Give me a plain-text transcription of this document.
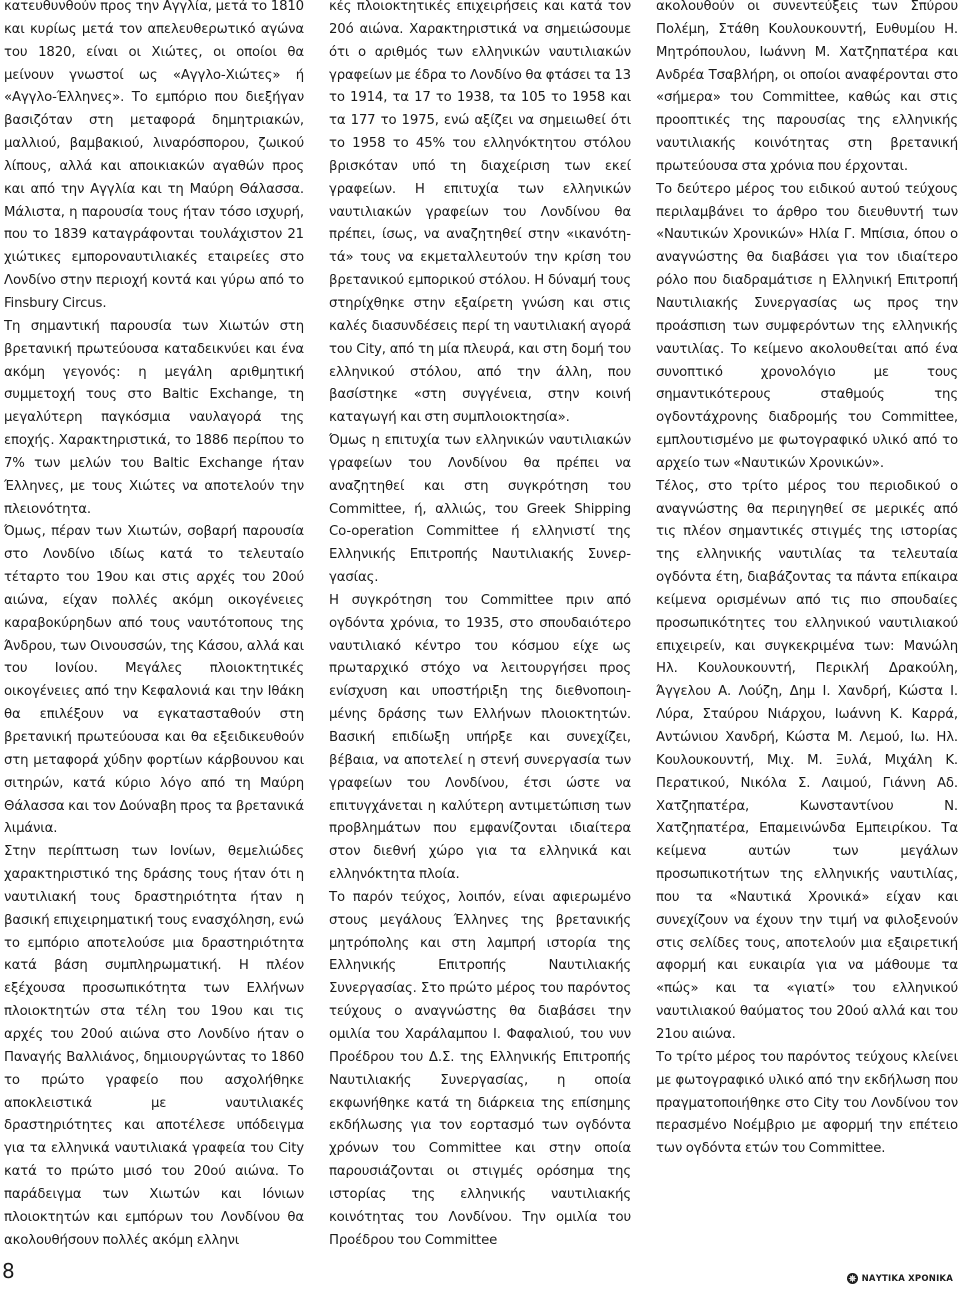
κατευθυνθούν προς την Αγγλία, μετά το 1810 και κυρίως μετά τον απελευθερωτικό αγώνα του 1820, είναι οι Χιώτες, οι οποίοι θα μείνουν γνωστοί ως «Αγγλο-Χιώτες» ή «Αγγλο-Έλληνες». Το εμπόριο που διεξήγαν βασιζόταν στη μεταφορά δημητριακών, μαλλιού, βαμβακιού, λιναρόσπορου, ζωικού λίπους, αλλά και αποικιακών αγαθών προς και από την Αγγλία και τη Μαύρη Θάλασσα. Μάλιστα, η παρουσία τους ήταν τόσο ισχυρή, που το 1839 καταγράφονται τουλάχιστον 21 χιώτικες εμποροναυτιλιακές εταιρείες στο Λονδίνο στην περιοχή κοντά και γύρω από το Finsbury Circus.

Τη σημαντική παρουσία των Χιωτών στη βρετανική πρωτεύουσα καταδεικνύει και ένα ακόμη γεγονός: η μεγάλη αριθμητική συμμετοχή τους στο Baltic Exchange, τη μεγαλύτερη παγκόσμια ναυλαγορά της εποχής. Χαρακτηριστικά, το 1886 περίπου το 7% των μελών του Baltic Exchange ήταν Έλληνες, με τους Χιώτες να αποτελούν την πλειονότητα.

Όμως, πέραν των Χιωτών, σοβαρή παρουσία στο Λονδίνο ιδίως κατά το τελευταίο τέταρτο του 19ου και στις αρχές του 20ού αιώνα, είχαν πολλές ακόμη οικογένειες καραβοκύρηδων από τους ναυτότοπους της Άνδρου, των Οινουσσών, της Κάσου, αλλά και του Ιονίου. Μεγάλες πλοιοκτητικές οικογένειες από την Κεφαλονιά και την Ιθάκη θα επιλέξουν να εγκατασταθούν στη βρετανική πρωτεύουσα και θα εξειδικευθούν στη μεταφορά χύδην φορτίων κάρβουνου και σιτηρών, κατά κύριο λόγο από τη Μαύρη Θάλασσα και τον Δούναβη προς τα βρετανικά λιμάνια.

Στην περίπτωση των Ιονίων, θεμελιώδες χαρακτηριστικό της δράσης τους ήταν ότι η ναυτιλιακή τους δραστηριότητα ήταν η βασική επιχειρηματική τους ενασχόληση, ενώ το εμπόριο αποτελούσε μια δραστηριότητα κατά βάση συμπληρωματική. Η πλέον εξέχουσα προσωπικότητα των Ελλήνων πλοιοκτητών στα τέλη του 19ου και τις αρχές του 20ού αιώνα στο Λονδίνο ήταν ο Παναγής Βαλλιάνος, δημιουργώντας το 1860 το πρώτο γραφείο που ασχολήθηκε αποκλειστικά με ναυτιλιακές δραστηριότητες και αποτέλεσε υπόδειγμα για τα ελληνικά ναυτιλιακά γραφεία του City κατά το πρώτο μισό του 20ού αιώνα. Το παράδειγμα των Χιωτών και Ιόνιων πλοιοκτητών και εμπόρων του Λονδίνου θα ακολουθήσουν πολλές ακόμη ελληνι

κές πλοιοκτητικές επιχειρήσεις και κατά τον 20ό αιώνα. Χαρακτηριστικά να σημειώσουμε ότι ο αριθμός των ελληνικών ναυτιλιακών γραφείων με έδρα το Λονδίνο θα φτάσει τα 13 το 1914, τα 17 το 1938, τα 105 το 1958 και τα 177 το 1975, ενώ αξίζει να σημειωθεί ότι το 1958 το 45% του ελληνόκτητου στόλου βρισκόταν υπό τη διαχείριση των εκεί γραφείων. Η επιτυχία των ελληνικών ναυτιλιακών γραφείων του Λονδίνου θα πρέπει, ίσως, να αναζητηθεί στην «ικανότητά» τους να εκμεταλλευτούν την κρίση του βρετανικού εμπορικού στόλου. Η δύναμή τους στηρίχθηκε στην εξαίρετη γνώση και στις καλές διασυνδέσεις περί τη ναυτιλιακή αγορά του City, από τη μία πλευρά, και στη δομή του ελληνικού στόλου, από την άλλη, που βασίστηκε «στη συγγένεια, στην κοινή καταγωγή και στη συμπλοιοκτησία».

Όμως η επιτυχία των ελληνικών ναυτιλιακών γραφείων του Λονδίνου θα πρέπει να αναζητηθεί και στη συγκρότηση του Committee, ή, αλλιώς, του Greek Shipping Co-operation Committee ή ελληνιστί της Ελληνικής Επιτροπής Ναυτιλιακής Συνεργασίας.

Η συγκρότηση του Committee πριν από ογδόντα χρόνια, το 1935, στο σπουδαιότερο ναυτιλιακό κέντρο του κόσμου είχε ως πρωταρχικό στόχο να λειτουργήσει προς ενίσχυση και υποστήριξη της διεθνοποιημένης δράσης των Ελλήνων πλοιοκτητών. Βασική επιδίωξη υπήρξε και συνεχίζει, βέβαια, να αποτελεί η στενή συνεργασία των γραφείων του Λονδίνου, έτσι ώστε να επιτυγχάνεται η καλύτερη αντιμετώπιση των προβλημάτων που εμφανίζονται ιδιαίτερα στον διεθνή χώρο για τα ελληνικά και ελληνόκτητα πλοία.

Το παρόν τεύχος, λοιπόν, είναι αφιερωμένο στους μεγάλους Έλληνες της βρετανικής μητρόπολης και στη λαμπρή ιστορία της Ελληνικής Επιτροπής Ναυτιλιακής Συνεργασίας. Στο πρώτο μέρος του παρόντος τεύχους ο αναγνώστης θα διαβάσει την ομιλία του Χαράλαμπου Ι. Φαφαλιού, του νυν Προέδρου του Δ.Σ. της Ελληνικής Επιτροπής Ναυτιλιακής Συνεργασίας, η οποία εκφωνήθηκε κατά τη διάρκεια της επίσημης εκδήλωσης για τον εορτασμό των ογδόντα χρόνων του Committee και στην οποία παρουσιάζονται οι στιγμές ορόσημα της ιστορίας της ελληνικής ναυτιλιακής κοινότητας του Λονδίνου. Την ομιλία του Προέδρου του Committee

ακολουθούν οι συνεντεύξεις των Σπύρου Πολέμη, Στάθη Κουλουκουντή, Ευθυμίου Η. Μητρόπουλου, Ιωάννη Μ. Χατζηπατέρα και Ανδρέα Τσαβλήρη, οι οποίοι αναφέρονται στο «σήμερα» του Committee, καθώς και στις προοπτικές της παρουσίας της ελληνικής ναυτιλιακής κοινότητας στη βρετανική πρωτεύουσα στα χρόνια που έρχονται.

Το δεύτερο μέρος του ειδικού αυτού τεύχους περιλαμβάνει το άρθρο του διευθυντή των «Ναυτικών Χρονικών» Ηλία Γ. Μπίσια, όπου ο αναγνώστης θα διαβάσει για τον ιδιαίτερο ρόλο που διαδραμάτισε η Ελληνική Επιτροπή Ναυτιλιακής Συνεργασίας ως προς την προάσπιση των συμφερόντων της ελληνικής ναυτιλίας. Το κείμενο ακολουθείται από ένα συνοπτικό χρονολόγιο με τους σημαντικότερους σταθμούς της ογδοντάχρονης διαδρομής του Committee, εμπλουτισμένο με φωτογραφικό υλικό από το αρχείο των «Ναυτικών Χρονικών».

Τέλος, στο τρίτο μέρος του περιοδικού ο αναγνώστης θα περιηγηθεί σε μερικές από τις πλέον σημαντικές στιγμές της ιστορίας της ελληνικής ναυτιλίας τα τελευταία ογδόντα έτη, διαβάζοντας τα πάντα επίκαιρα κείμενα ορισμένων από τις πιο σπουδαίες προσωπικότητες του ελληνικού ναυτιλιακού επιχειρείν, και συγκεκριμένα των: Μανώλη Ηλ. Κουλουκουντή, Περικλή Δρακούλη, Άγγελου Α. Λούζη, Δημ Ι. Χανδρή, Κώστα Ι. Λύρα, Σταύρου Νιάρχου, Ιωάννη Κ. Καρρά, Αντώνιου Χανδρή, Κώστα Μ. Λεμού, Ιω. Ηλ. Κουλουκουντή, Μιχ. Μ. Ξυλά, Μιχάλη Κ. Περατικού, Νικόλα Σ. Λαιμού, Γιάννη Αδ. Χατζηπατέρα, Κωνσταντίνου Ν. Χατζηπατέρα, Επαμεινώνδα Εμπειρίκου. Τα κείμενα αυτών των μεγάλων προσωπικοτήτων της ελληνικής ναυτιλίας, που τα «Ναυτικά Χρονικά» είχαν και συνεχίζουν να έχουν την τιμή να φιλοξενούν στις σελίδες τους, αποτελούν μια εξαιρετική αφορμή και ευκαιρία για να μάθουμε τα «πώς» και τα «γιατί» του ελληνικού ναυτιλιακού θαύματος του 20ού αλλά και του 21ου αιώνα.

Το τρίτο μέρος του παρόντος τεύχους κλείνει με φωτογραφικό υλικό από την εκδήλωση που πραγματοποιήθηκε στο City του Λονδίνου τον περασμένο Νοέμβριο με αφορμή την επέτειο των ογδόντα ετών του Committee.

8	ΝΑΥΤΙΚΑ ΧΡΟΝΙΚΑ
